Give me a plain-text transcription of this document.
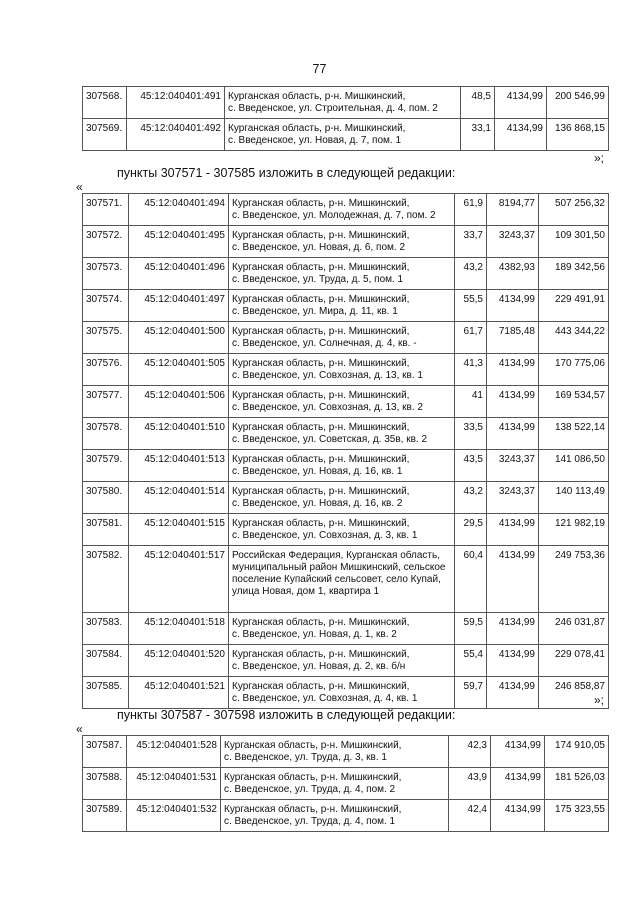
77
307568.	45:12:040401:491	Курганская область, р-н. Мишкинский,
с. Введенское, ул. Строительная, д. 4, пом. 2	48,5	4134,99	200 546,99
307569.	45:12:040401:492	Курганская область, р-н. Мишкинский,
с. Введенское, ул. Новая, д. 7, пом. 1	33,1	4134,99	136 868,15
»;
пункты 307571 - 307585 изложить в следующей редакции:
«
307571.	45:12:040401:494	Курганская область, р-н. Мишкинский,
с. Введенское, ул. Молодежная, д. 7, пом. 2	61,9	8194,77	507 256,32
307572.	45:12:040401:495	Курганская область, р-н. Мишкинский,
с. Введенское, ул. Новая, д. 6, пом. 2	33,7	3243,37	109 301,50
307573.	45:12:040401:496	Курганская область, р-н. Мишкинский,
с. Введенское, ул. Труда, д. 5, пом. 1	43,2	4382,93	189 342,56
307574.	45:12:040401:497	Курганская область, р-н. Мишкинский,
с. Введенское, ул. Мира, д. 11, кв. 1	55,5	4134,99	229 491,91
307575.	45:12:040401:500	Курганская область, р-н. Мишкинский,
с. Введенское, ул. Солнечная, д. 4, кв. -	61,7	7185,48	443 344,22
307576.	45:12:040401:505	Курганская область, р-н. Мишкинский,
с. Введенское, ул. Совхозная, д. 13, кв. 1	41,3	4134,99	170 775,06
307577.	45:12:040401:506	Курганская область, р-н. Мишкинский,
с. Введенское, ул. Совхозная, д. 13, кв. 2	41	4134,99	169 534,57
307578.	45:12:040401:510	Курганская область, р-н. Мишкинский,
с. Введенское, ул. Советская, д. 35в, кв. 2	33,5	4134,99	138 522,14
307579.	45:12:040401:513	Курганская область, р-н. Мишкинский,
с. Введенское, ул. Новая, д. 16, кв. 1	43,5	3243,37	141 086,50
307580.	45:12:040401:514	Курганская область, р-н. Мишкинский,
с. Введенское, ул. Новая, д. 16, кв. 2	43,2	3243,37	140 113,49
307581.	45:12:040401:515	Курганская область, р-н. Мишкинский,
с. Введенское, ул. Совхозная, д. 3, кв. 1	29,5	4134,99	121 982,19
307582.	45:12:040401:517	Российская Федерация, Курганская область, муниципальный район Мишкинский, сельское поселение Купайский сельсовет, село Купай, улица Новая, дом 1, квартира 1	60,4	4134,99	249 753,36
307583.	45:12:040401:518	Курганская область, р-н. Мишкинский,
с. Введенское, ул. Новая, д. 1, кв. 2	59,5	4134,99	246 031,87
307584.	45:12:040401:520	Курганская область, р-н. Мишкинский,
с. Введенское, ул. Новая, д. 2, кв. б/н	55,4	4134,99	229 078,41
307585.	45:12:040401:521	Курганская область, р-н. Мишкинский,
с. Введенское, ул. Совхозная, д. 4, кв. 1	59,7	4134,99	246 858,87
»;
пункты 307587 - 307598 изложить в следующей редакции:
«
307587.	45:12:040401:528	Курганская область, р-н. Мишкинский,
с. Введенское, ул. Труда, д. 3, кв. 1	42,3	4134,99	174 910,05
307588.	45:12:040401:531	Курганская область, р-н. Мишкинский,
с. Введенское, ул. Труда, д. 4, пом. 2	43,9	4134,99	181 526,03
307589.	45:12:040401:532	Курганская область, р-н. Мишкинский,
с. Введенское, ул. Труда, д. 4, пом. 1	42,4	4134,99	175 323,55
